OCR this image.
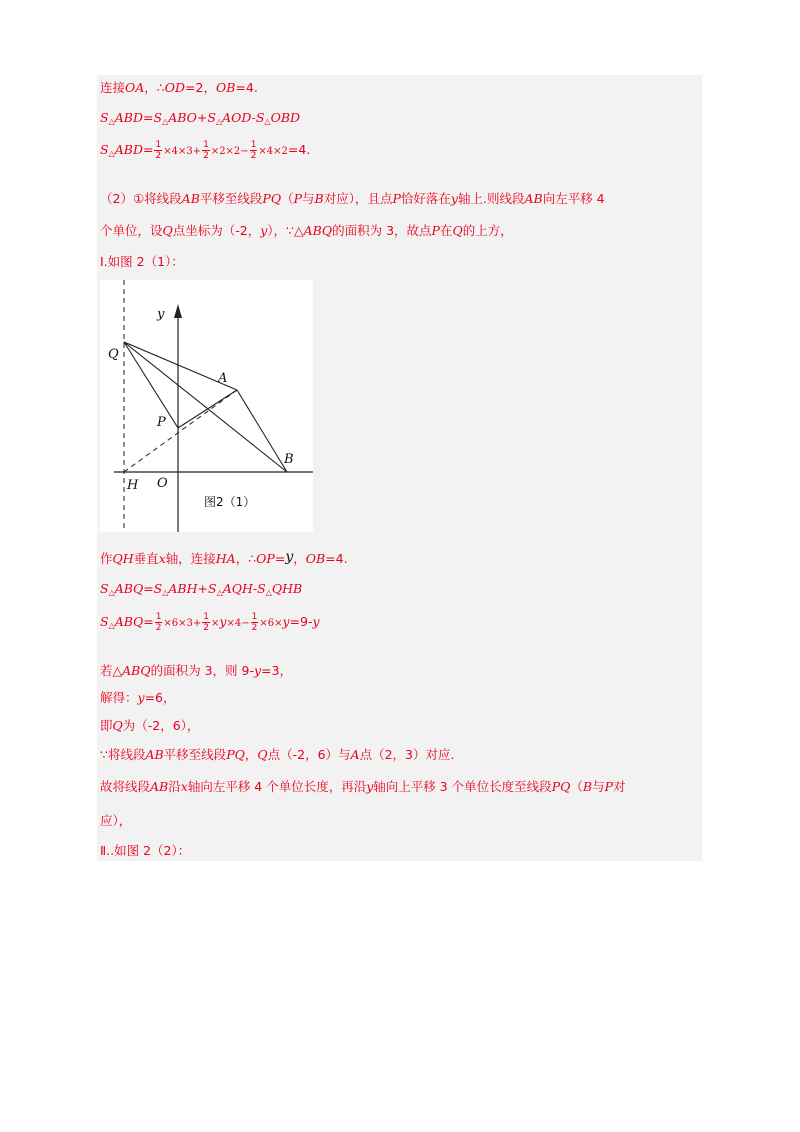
连接OA，∴OD=2，OB=4.
$S_\triangle ABD=S_\triangle ABO+S_\triangle AOD-S_\triangle OBD$
$S_\triangle ABD= \frac{1}{2} \times 4\times 3+ \frac{1}{2} \times 2\times 2- \frac{1}{2} \times 4\times 2=4$.
（2）①将线段AB平移至线段PQ（P与B对应），且点P恰好落在y轴上.则线段AB向左平移 4
个单位，设Q点坐标为（-2，y），∵△ABQ的面积为 3，故点P在Q的上方，
Ⅰ.如图 2（1）：
y
Q
A
P
B
H O
图2（1）
作QH垂直x轴，连接HA，∴OP=y，OB=4.
$S_\triangle ABQ=S_\triangle ABH+S_\triangle AQH-S_\triangle QHB$
$S_\triangle ABQ= \frac{1}{2} \times 6\times 3+ \frac{1}{2} \times y\times 4- \frac{1}{2} \times 6\times y=9-y$
若△ABQ的面积为 3，则 9-y=3，
解得：y=6，
即Q为（-2，6），
∵将线段AB平移至线段PQ，Q点（-2，6）与A点（2，3）对应.
故将线段AB沿x轴向左平移 4 个单位长度，再沿y轴向上平移 3 个单位长度至线段PQ（B与P对
应），
Ⅱ..如图 2（2）：
